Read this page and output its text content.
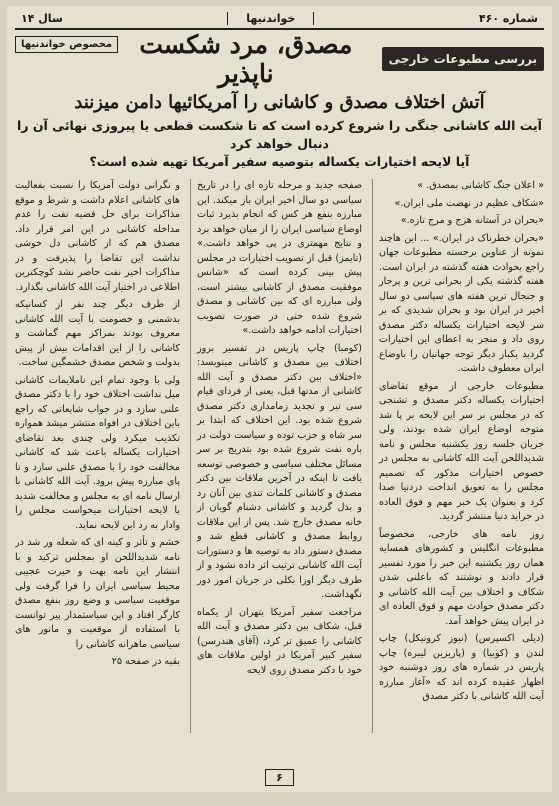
شماره ۴۶۰
خواندنیها
سال ۱۴
بررسی مطبوعات خارجی
مصدق، مرد شکست ناپذیر
مخصوص خواندنیها
آتش اختلاف مصدق و کاشانی را آمریکائیها دامن میزنند
آیت الله کاشانی جنگی را شروع کرده است که تا شکست قطعی یا پیروزی نهائی آن را دنبال خواهد کرد
آیا لایحه اختیارات یکساله بتوصیه سفیر آمریکا تهیه شده است؟

« اعلان جنگ کاشانی بمصدق. »

«شکاف عظیم در نهضت ملی ایران.»

«بحران در آستانه هرج و مرج تازه.»

«بحران خطرناک در ایران.» ... این هاچند نمونه از عناوین برجسته مطبوعات جهان راجع بحوادث هفته گذشته در ایران است. هفته گذشته یکی از بحرانی ترین و پرجار و جنجال ترین هفته های سیاسی دو سال اخیر در ایران بود و بحران شدیدی که بر سر لایحه اختیارات یکساله دکتر مصدق روی داد و منجر به اعطای این اختیارات گردید یکبار دیگر توجه جهانیان را باوضاع ایران معطوف داشت.

مطبوعات خارجی از موقع تقاضای اختیارات یکساله دکتر مصدق و تشنجی که در مجلس بر سر این لایحه بر پا شد متوجه اوضاع ایران شده بودند، ولی جریان جلسه روز یکشنبه مجلس و نامه شدیداللحن آیت الله کاشانی به مجلس در خصوص اختیارات مذکور که تصمیم مجلس را به تعویق انداخت دردنیا صدا کرد و بعنوان یک خبر مهم و فوق العاده در جراید دنیا منتشر گردید.

روز نامه های خارجی، مخصوصاً مطبوعات انگلیس و کشورهای همسایه همان روز یکشنبه این خبر را مورد تفسیر قرار دادند و نوشتند که باعلنی شدن شکاف و اختلاف بین آیت الله کاشانی و دکتر مصدق حوادث مهم و فوق العاده ای در ایران پیش خواهد آمد.

(دیلی اکسپرس) (نیوز کرونیکل) چاپ لندن و (کوبیا) و (پاریزین لیبره) چاپ پاریس در شماره های روز دوشنبه خود اظهار عقیده کرده اند که «آغاز مبارزه آیت الله کاشانی با دکتر مصدق

صفحه جدید و مرحله تازه ای را در تاریخ سیاسی دو سال اخیر ایران باز میکند. این مبارزه بنفع هر کس که انجام بذیرد ثبات اوضاع سیاسی ایران را از میان خواهد برد و نتایج مهمتری در پی خواهد داشت.» (تایمز) قبل از تصویب اختیارات در مجلس پیش بینی کرده است که «شانس موفقیت مصدق از کاشانی بیشتر است، ولی مبارزه ای که بین کاشانی و مصدق شروع شده حتی در صورت تصویب اختیارات ادامه خواهد داشت.»

(کومبا) چاپ پاریس در تفسیر بروز اختلاف بین مصدق و کاشانی مینویسد: «اختلاف بین دکتر مصدق و آیت الله کاشانی از مدتها قبل، یعنی از فردای قیام سی تیر و تجدید زمامداری دکتر مصدق شروع شده بود. این اختلاف که ابتدا بر سر شاه و حزب توده و سیاست دولت در باره نفت شروع شده بود بتدریج بر سر مسائل مختلف سیاسی و خصوصی توسعه یافت تا اینکه در آخرین ملاقات بین دکتر مصدق و کاشانی کلمات تندی بین آنان رد و بدل گردید و کاشانی دشنام گویان از خانه مصدق خارج شد. پس از این ملاقات روابط مصدق و کاشانی قطع شد و مصدق دستور داد به توصیه ها و دستورات آیت الله کاشانی ترتیب اثر داده نشود و از طرف دیگر اوزا بکلی در جریان امور دور نگهداشت.

مراجعت سفیر آمریکا بتهران از یکماه قبل، شکاف بین دکتر مصدق و آیت الله کاشانی را عمیق تر کرد، (آقای هندرسن) سفیر کبیر آمریکا در اولین ملاقات های خود با دکتر مصدق روی لایحه

و نگرانی دولت آمریکا را نسبت بفعالیت های کاشانی اعلام داشت و شرط و موقع مذاکرات برای حل قضیه نفت را عدم مداخله کاشانی در این امر قرار داد. مصدق هم که از کاشانی دل خوشی نداشت این تقاضا را پذیرفت و در مذاکرات اخیر نفت حاضر نشد کوچکترین اطلاعی در اختیار آیت الله کاشانی بگذارد.

از طرف دیگر چند نفر از کسانیکه بدشمنی و خصومت با آیت الله کاشانی معروف بودند بمراکز مهم گماشت و کاشانی را از این اقدامات بیش از پیش بدولت و شخص مصدق خشمگین ساخت.

ولی با وجود تمام این ناملایمات کاشانی میل نداشت اختلاف خود را با دکتر مصدق علنی سازد و در جواب شایعاتی که راجع باین اختلاف در افواه منتشر میشد همواره تکذیب میکرد ولی چندی بعد تقاضای اختیارات یکساله باعث شد که کاشانی مخالفت خود را با مصدق علنی سازد و تا پای مبارزه پیش برود. آیت الله کاشانی با ارسال نامه ای به مجلس و مخالفت شدید با لایحه اختیارات میخواست مجلس را وادار به رد این لایحه نماید.

خشم و تأثر و کینه ای که شعله ور شد در نامه شدیداللحن او بمجلس ترکید و با انتشار این نامه بهت و حیرت عجیبی محیط سیاسی ایران را فرا گرفت ولی موقعیت سیاسی و وضع روز بنفع مصدق کارگر افتاد و این سیاستمدار پیر توانست با استفاده از موقعیت و مانور های سیاسی ماهرانه کاشانی را

بقیه در صفحه ۲۵

۶
